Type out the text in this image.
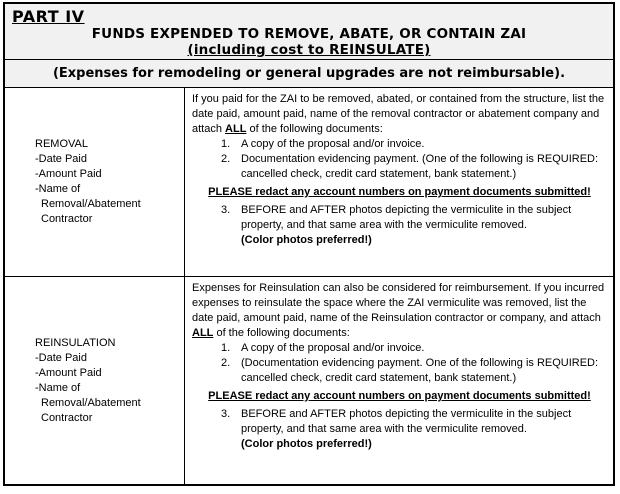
PART IV
FUNDS EXPENDED TO REMOVE, ABATE, OR CONTAIN ZAI
(including cost to REINSULATE)
(Expenses for remodeling or general upgrades are not reimbursable).
REMOVAL
-Date Paid
-Amount Paid
-Name of
Removal/Abatement
Contractor
If you paid for the ZAI to be removed, abated, or contained from the structure, list the date paid, amount paid, name of the removal contractor or abatement company and attach ALL of the following documents:
1. A copy of the proposal and/or invoice.
2. Documentation evidencing payment. (One of the following is REQUIRED: cancelled check, credit card statement, bank statement.)
PLEASE redact any account numbers on payment documents submitted!
3. BEFORE and AFTER photos depicting the vermiculite in the subject property, and that same area with the vermiculite removed.
(Color photos preferred!)
REINSULATION
-Date Paid
-Amount Paid
-Name of
Removal/Abatement
Contractor
Expenses for Reinsulation can also be considered for reimbursement. If you incurred expenses to reinsulate the space where the ZAI vermiculite was removed, list the date paid, amount paid, name of the Reinsulation contractor or company, and attach ALL of the following documents:
1. A copy of the proposal and/or invoice.
2. (Documentation evidencing payment. One of the following is REQUIRED: cancelled check, credit card statement, bank statement.)
PLEASE redact any account numbers on payment documents submitted!
3. BEFORE and AFTER photos depicting the vermiculite in the subject property, and that same area with the vermiculite removed.
(Color photos preferred!)
